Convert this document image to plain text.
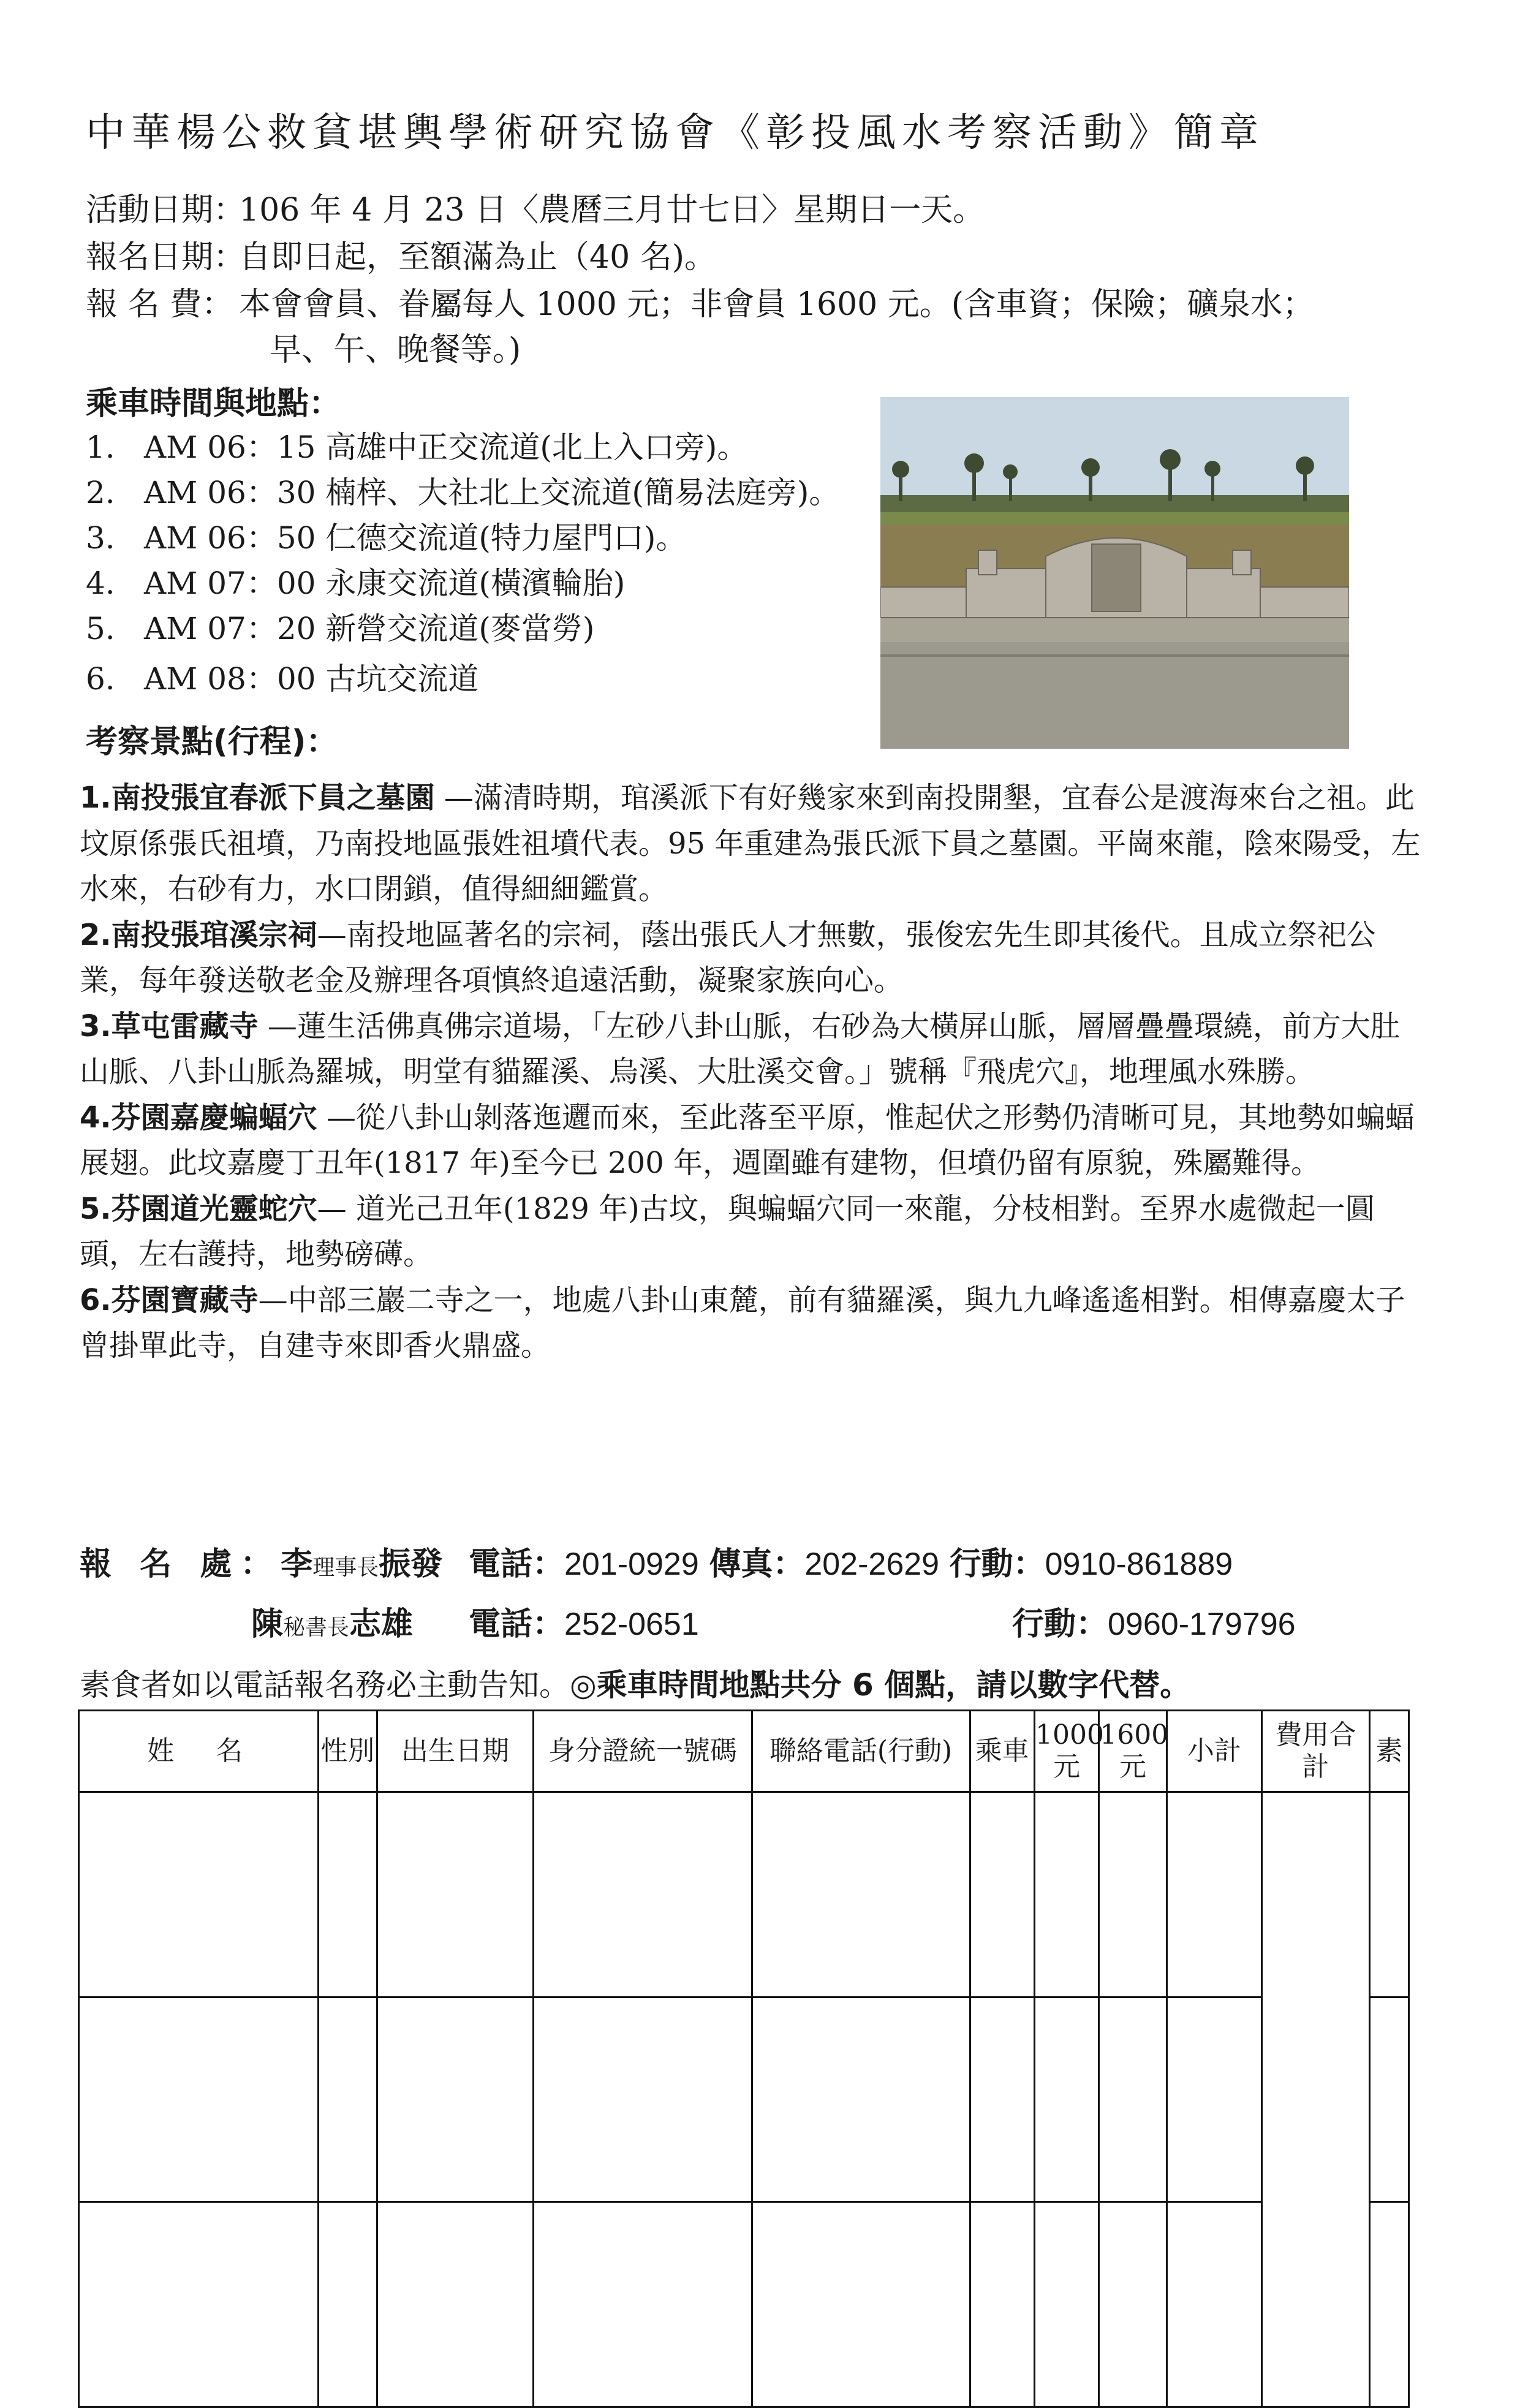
中華楊公救貧堪輿學術研究協會《彰投風水考察活動》簡章
活動日期：106 年 4 月 23 日〈農曆三月廿七日〉星期日一天。
報名日期：自即日起，至額滿為止（40 名)。
報 名 費： 本會會員、眷屬每人 1000 元；非會員 1600 元。(含車資；保險；礦泉水；
早、午、晚餐等。)
乘車時間與地點：
1. AM 06：15 高雄中正交流道(北上入口旁)。
2. AM 06：30 楠梓、大社北上交流道(簡易法庭旁)。
3. AM 06：50 仁德交流道(特力屋門口)。
4. AM 07：00 永康交流道(橫濱輪胎)
5. AM 07：20 新營交流道(麥當勞)
6. AM 08：00 古坑交流道
考察景點(行程)：

1.南投張宜春派下員之墓園 —滿清時期，琯溪派下有好幾家來到南投開墾，宜春公是渡海來台之祖。此坟原係張氏祖墳，乃南投地區張姓祖墳代表。95 年重建為張氏派下員之墓園。平崗來龍，陰來陽受，左水來，右砂有力，水口閉鎖，值得細細鑑賞。

2.南投張琯溪宗祠—南投地區著名的宗祠，蔭出張氏人才無數，張俊宏先生即其後代。且成立祭祀公業，每年發送敬老金及辦理各項慎終追遠活動，凝聚家族向心。

3.草屯雷藏寺 —蓮生活佛真佛宗道場，「左砂八卦山脈，右砂為大橫屏山脈，層層疊疊環繞，前方大肚山脈、八卦山脈為羅城，明堂有貓羅溪、烏溪、大肚溪交會。」號稱『飛虎穴』，地理風水殊勝。

4.芬園嘉慶蝙蝠穴 —從八卦山剝落迤邐而來，至此落至平原，惟起伏之形勢仍清晰可見，其地勢如蝙蝠展翅。此坟嘉慶丁丑年(1817 年)至今已 200 年，週圍雖有建物，但墳仍留有原貌，殊屬難得。

5.芬園道光靈蛇穴— 道光己丑年(1829 年)古坟，與蝙蝠穴同一來龍，分枝相對。至界水處微起一圓頭，左右護持，地勢磅礡。

6.芬園寶藏寺—中部三巖二寺之一，地處八卦山東麓，前有貓羅溪，與九九峰遙遙相對。相傳嘉慶太子曾掛單此寺，自建寺來即香火鼎盛。

報 名 處：李理事長振發 電話：201-0929 傳真：202-2629 行動：0910-861889
陳秘書長志雄 電話：252-0651	行動：0960-179796
素食者如以電話報名務必主動告知。◎乘車時間地點共分 6 個點，請以數字代替。
姓　名	性別	出生日期	身分證統一號碼	聯絡電話(行動)	乘車	1000元	1600元	小計	費用合計	素
